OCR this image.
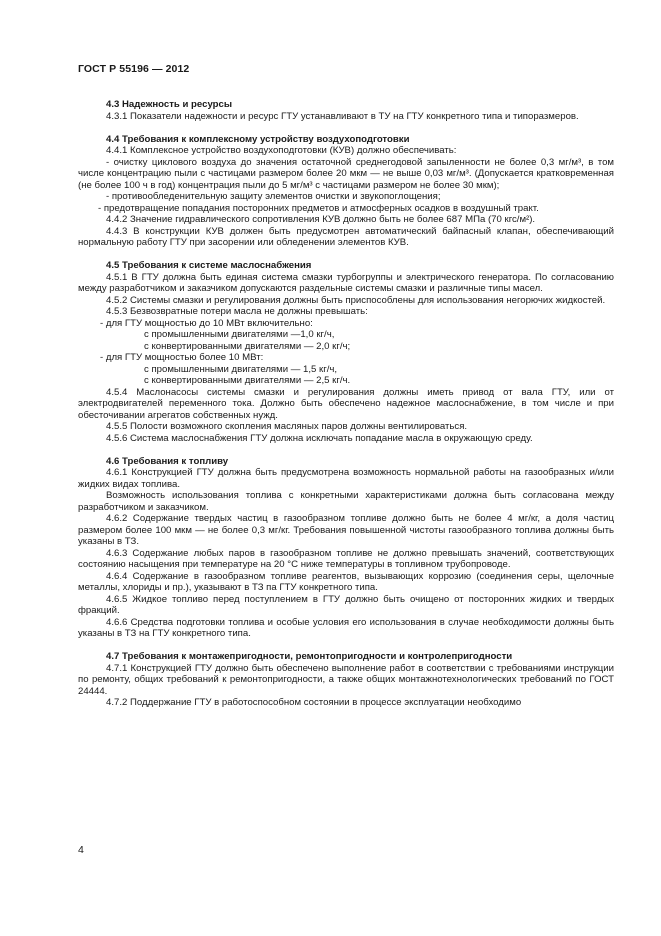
ГОСТ Р 55196 — 2012
4.3 Надежность и ресурсы

4.3.1 Показатели надежности и ресурс ГТУ устанавливают в ТУ на ГТУ конкретного типа и типоразмеров.

4.4 Требования к комплексному устройству воздухоподготовки

4.4.1 Комплексное устройство воздухоподготовки (КУВ) должно обеспечивать:

- очистку циклового воздуха до значения остаточной среднегодовой запыленности не более 0,3 мг/м³, в том числе концентрацию пыли с частицами размером более 20 мкм — не выше 0,03 мг/м³. (Допускается кратковременная (не более 100 ч в год) концентрация пыли до 5 мг/м³ с частицами размером не более 30 мкм);

- противообледенительную защиту элементов очистки и звукопоглощения;

- предотвращение попадания посторонних предметов и атмосферных осадков в воздушный тракт.

4.4.2 Значение гидравлического сопротивления КУВ должно быть не более 687 МПа (70 кгс/м²).

4.4.3 В конструкции КУВ должен быть предусмотрен автоматический байпасный клапан, обеспечивающий нормальную работу ГТУ при засорении или обледенении элементов КУВ.

4.5 Требования к системе маслоснабжения

4.5.1 В ГТУ должна быть единая система смазки турбогруппы и электрического генератора. По согласованию между разработчиком и заказчиком допускаются раздельные системы смазки и различные типы масел.

4.5.2 Системы смазки и регулирования должны быть приспособлены для использования негорючих жидкостей.

4.5.3 Безвозвратные потери масла не должны превышать:

- для ГТУ мощностью до 10 МВт включительно:

с промышленными двигателями —1,0 кг/ч,

с конвертированными двигателями — 2,0 кг/ч;

- для ГТУ мощностью более 10 МВт:

с промышленными двигателями — 1,5 кг/ч,

с конвертированными двигателями — 2,5 кг/ч.

4.5.4 Маслонасосы системы смазки и регулирования должны иметь привод от вала ГТУ, или от электродвигателей переменного тока. Должно быть обеспечено надежное маслоснабжение, в том числе и при обесточивании агрегатов собственных нужд.

4.5.5 Полости возможного скопления масляных паров должны вентилироваться.

4.5.6 Система маслоснабжения ГТУ должна исключать попадание масла в окружающую среду.

4.6 Требования к топливу

4.6.1 Конструкцией ГТУ должна быть предусмотрена возможность нормальной работы на газообразных и/или жидких видах топлива.

Возможность использования топлива с конкретными характеристиками должна быть согласована между разработчиком и заказчиком.

4.6.2 Содержание твердых частиц в газообразном топливе должно быть не более 4 мг/кг, а доля частиц размером более 100 мкм — не более 0,3 мг/кг. Требования повышенной чистоты газообразного топлива должны быть указаны в ТЗ.

4.6.3 Содержание любых паров в газообразном топливе не должно превышать значений, соответствующих состоянию насыщения при температуре на 20 °С ниже температуры в топливном трубопроводе.

4.6.4 Содержание в газообразном топливе реагентов, вызывающих коррозию (соединения серы, щелочные металлы, хлориды и пр.), указывают в ТЗ па ГТУ конкретного типа.

4.6.5 Жидкое топливо перед поступлением в ГТУ должно быть очищено от посторонних жидких и твердых фракций.

4.6.6 Средства подготовки топлива и особые условия его использования в случае необходимости должны быть указаны в ТЗ на ГТУ конкретного типа.

4.7 Требования к монтажепригодности, ремонтопригодности и контролепригодности

4.7.1 Конструкцией ГТУ должно быть обеспечено выполнение работ в соответствии с требованиями инструкции по ремонту, общих требований к ремонтопригодности, а также общих монтажнотехнологических требований по ГОСТ 24444.

4.7.2 Поддержание ГТУ в работоспособном состоянии в процессе эксплуатации необходимо

4
